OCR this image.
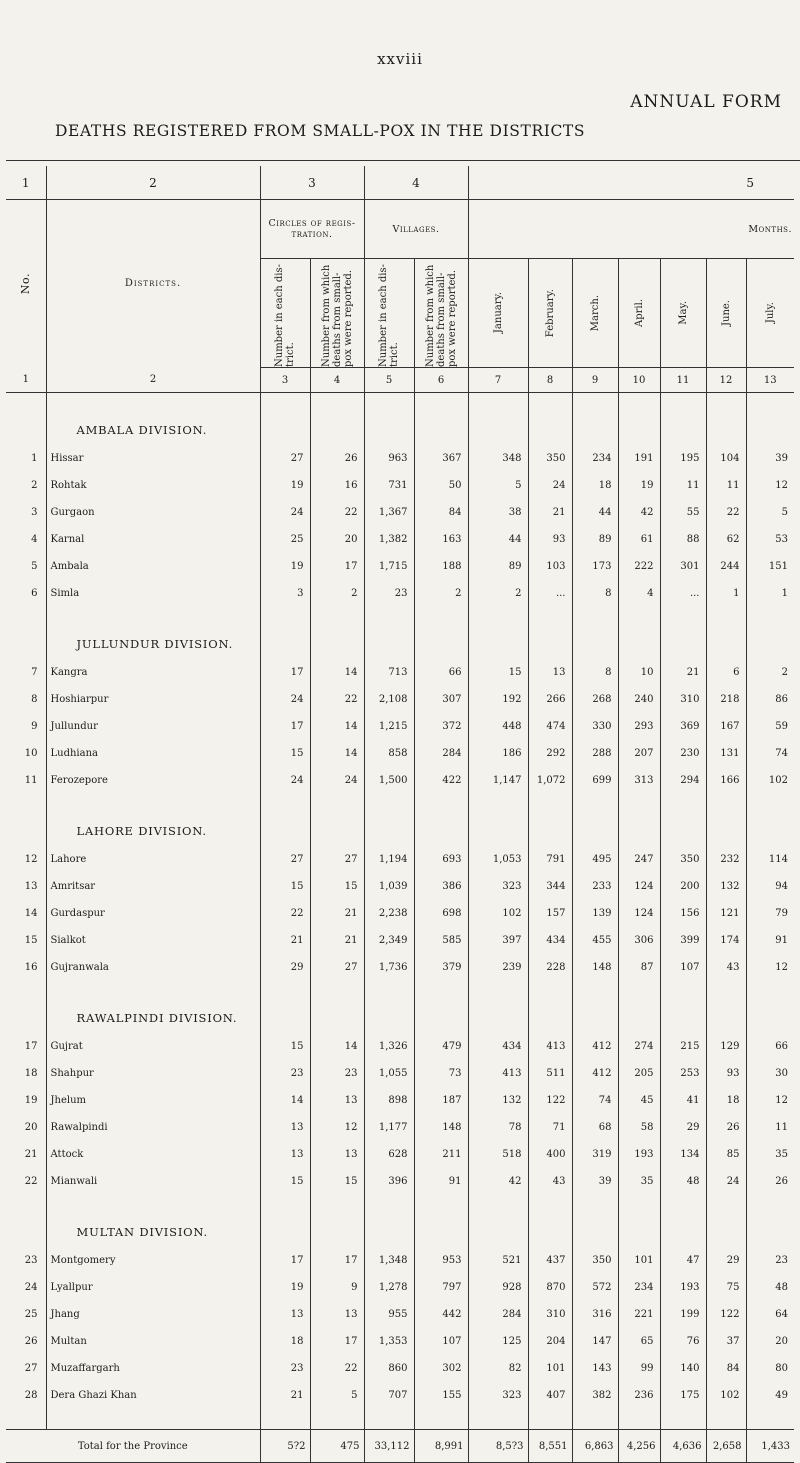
xxviii
ANNUAL FORM
DEATHS REGISTERED FROM SMALL-POX IN THE DISTRICTS
1	2	3		4		5						

No.	Districts.	Circles of regis- tration.		Villages.		Months.						

		Number in each dis- trict.	Number from which deaths from small- pox were reported.	Number in each dis- trict.	Number from which deaths from small- pox were reported.	January.	February.	March.	April.	May.	June.	July.

1	2	3	4	5	6	7	8	9	10	11	12	13
	AMBALA DIVISION.											
1	Hissar	27	26	963	367	348	350	234	191	195	104	39
2	Rohtak	19	16	731	50	5	24	18	19	11	11	12
3	Gurgaon	24	22	1,367	84	38	21	44	42	55	22	5
4	Karnal	25	20	1,382	163	44	93	89	61	88	62	53
5	Ambala	19	17	1,715	188	89	103	173	222	301	244	151
6	Simla	3	2	23	2	2	...	8	4	...	1	1
	JULLUNDUR DIVISION.											
7	Kangra	17	14	713	66	15	13	8	10	21	6	2
8	Hoshiarpur	24	22	2,108	307	192	266	268	240	310	218	86
9	Jullundur	17	14	1,215	372	448	474	330	293	369	167	59
10	Ludhiana	15	14	858	284	186	292	288	207	230	131	74
11	Ferozepore	24	24	1,500	422	1,147	1,072	699	313	294	166	102
	LAHORE DIVISION.											
12	Lahore	27	27	1,194	693	1,053	791	495	247	350	232	114
13	Amritsar	15	15	1,039	386	323	344	233	124	200	132	94
14	Gurdaspur	22	21	2,238	698	102	157	139	124	156	121	79
15	Sialkot	21	21	2,349	585	397	434	455	306	399	174	91
16	Gujranwala	29	27	1,736	379	239	228	148	87	107	43	12
	RAWALPINDI DIVISION.											
17	Gujrat	15	14	1,326	479	434	413	412	274	215	129	66
18	Shahpur	23	23	1,055	73	413	511	412	205	253	93	30
19	Jhelum	14	13	898	187	132	122	74	45	41	18	12
20	Rawalpindi	13	12	1,177	148	78	71	68	58	29	26	11
21	Attock	13	13	628	211	518	400	319	193	134	85	35
22	Mianwali	15	15	396	91	42	43	39	35	48	24	26
	MULTAN DIVISION.											
23	Montgomery	17	17	1,348	953	521	437	350	101	47	29	23
24	Lyallpur	19	9	1,278	797	928	870	572	234	193	75	48
25	Jhang	13	13	955	442	284	310	316	221	199	122	64
26	Multan	18	17	1,353	107	125	204	147	65	76	37	20
27	Muzaffargarh	23	22	860	302	82	101	143	99	140	84	80
28	Dera Ghazi Khan	21	5	707	155	323	407	382	236	175	102	49

Total for the Province		5?2	475	33,112	8,991	8,5?3	8,551	6,863	4,256	4,636	2,658	1,433
